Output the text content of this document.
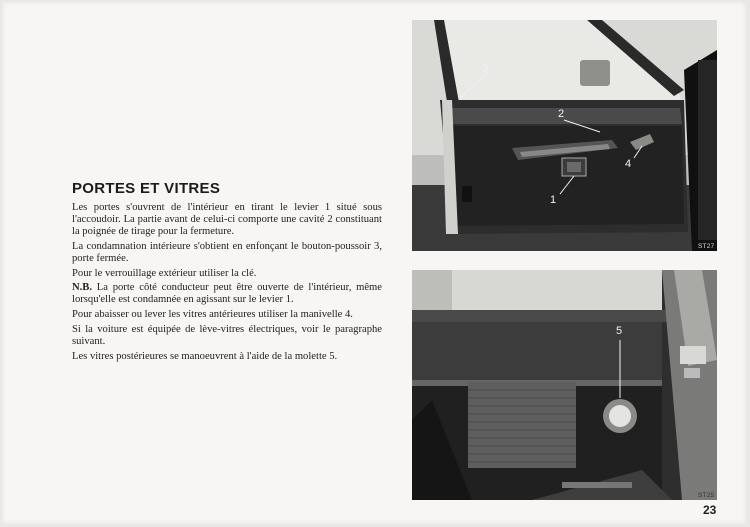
PORTES ET VITRES

Les portes s'ouvrent de l'intérieur en tirant le levier 1 situé sous l'accoudoir. La partie avant de celui-ci comporte une cavité 2 constituant la poignée de tirage pour la fermeture.

La condamnation intérieure s'obtient en enfonçant le bouton-poussoir 3, porte fermée.

Pour le verrouillage extérieur utiliser la clé.

N.B. La porte côté conducteur peut être ouverte de l'intérieur, même lorsqu'elle est condamnée en agissant sur le levier 1.

Pour abaisser ou lever les vitres antérieures utiliser la manivelle 4.

Si la voiture est équipée de lève-vitres électriques, voir le paragraphe suivant.

Les vitres postérieures se manoeuvrent à l'aide de la molette 5.

3
2
4
1
ST27
5
ST25
23
